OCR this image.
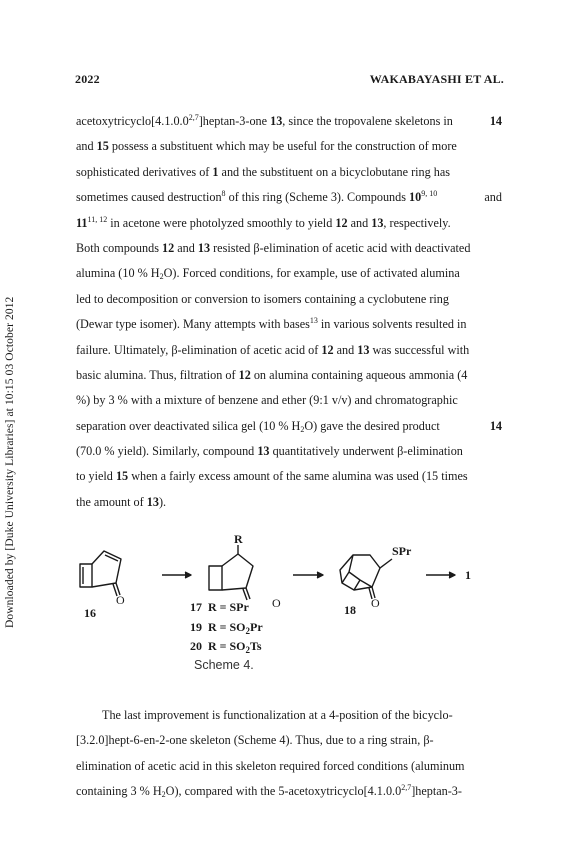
Downloaded by [Duke University Libraries] at 10:15 03 October 2012
2022	WAKABAYASHI ET AL.
acetoxytricyclo[4.1.0.0$^{2,7}$]heptan-3-one 13, since the tropovalene skeletons in	14
and 15 possess a substituent which may be useful for the construction of more
sophisticated derivatives of 1 and the substituent on a bicyclobutane ring has
sometimes caused destruction$^8$ of this ring (Scheme 3). Compounds 10$^{9, 10}$	and
11$^{11, 12}$ in acetone were photolyzed smoothly to yield 12 and 13, respectively.
Both compounds 12 and 13 resisted β-elimination of acetic acid with deactivated
alumina (10 % $H_2O$). Forced conditions, for example, use of activated alumina
led to decomposition or conversion to isomers containing a cyclobutene ring
(Dewar type isomer). Many attempts with bases$^{13}$ in various solvents resulted in
failure. Ultimately, β-elimination of acetic acid of 12 and 13 was successful with
basic alumina. Thus, filtration of 12 on alumina containing aqueous ammonia (4
%) by 3 % with a mixture of benzene and ether (9:1 v/v) and chromatographic
separation over deactivated silica gel (10 % $H_2O$) gave the desired product	14
(70.0 % yield). Similarly, compound 13 quantitatively underwent β-elimination
to yield 15 when a fairly excess amount of the same alumina was used (15 times
the amount of 13).
O
16
R
O
17 R = SPr
19 $R = SO_2Pr$
20 $R = SO_2Ts$
SPr
O
18
1
Scheme 4.
The last improvement is functionalization at a 4-position of the bicyclo-
[3.2.0]hept-6-en-2-one skeleton (Scheme 4). Thus, due to a ring strain, β-
elimination of acetic acid in this skeleton required forced conditions (aluminum
containing 3 % $H_2O$), compared with the 5-acetoxytricyclo[4.1.0.0$^{2,7}$]heptan-3-
